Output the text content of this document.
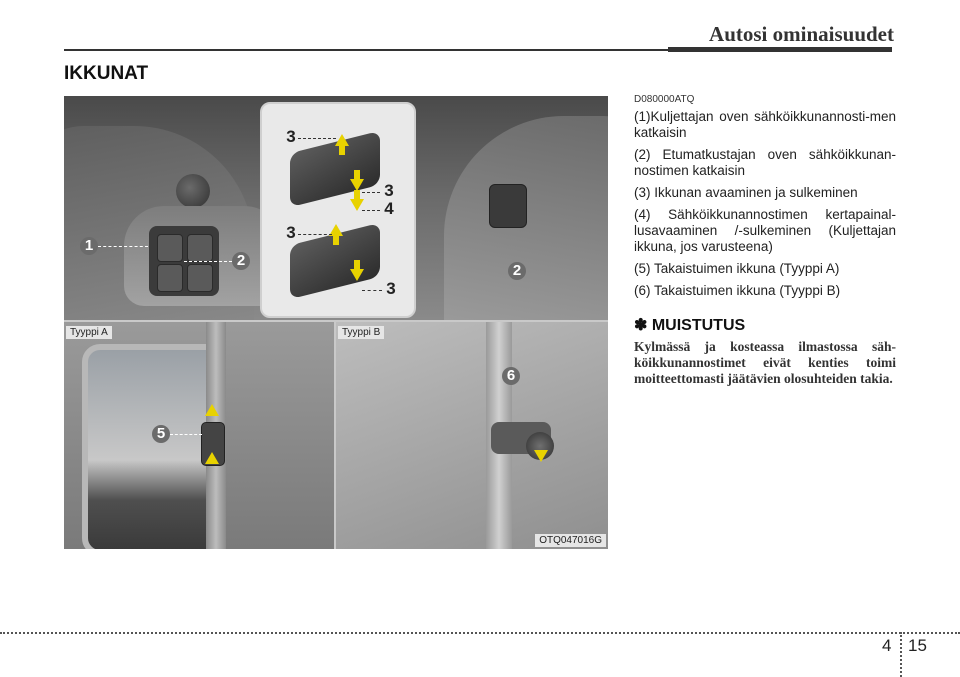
Autosi ominaisuudet
IKKUNAT
1
2
2
3
3
4
3
3
5
Tyyppi A
6
Tyyppi B
OTQ047016G
D080000ATQ

(1)Kuljettajan oven sähköikkunannosti-men katkaisin

(2) Etumatkustajan oven sähköikkunan-nostimen katkaisin

(3) Ikkunan avaaminen ja sulkeminen

(4) Sähköikkunannostimen kertapainal-lusavaaminen /-sulkeminen (Kuljettajan ikkuna, jos varusteena)

(5) Takaistuimen ikkuna (Tyyppi A)

(6) Takaistuimen ikkuna (Tyyppi B)

✽ MUISTUTUS
Kylmässä ja kosteassa ilmastossa säh-köikkunannostimet eivät kenties toimi moitteettomasti jäätävien olosuhteiden takia.
4 15
